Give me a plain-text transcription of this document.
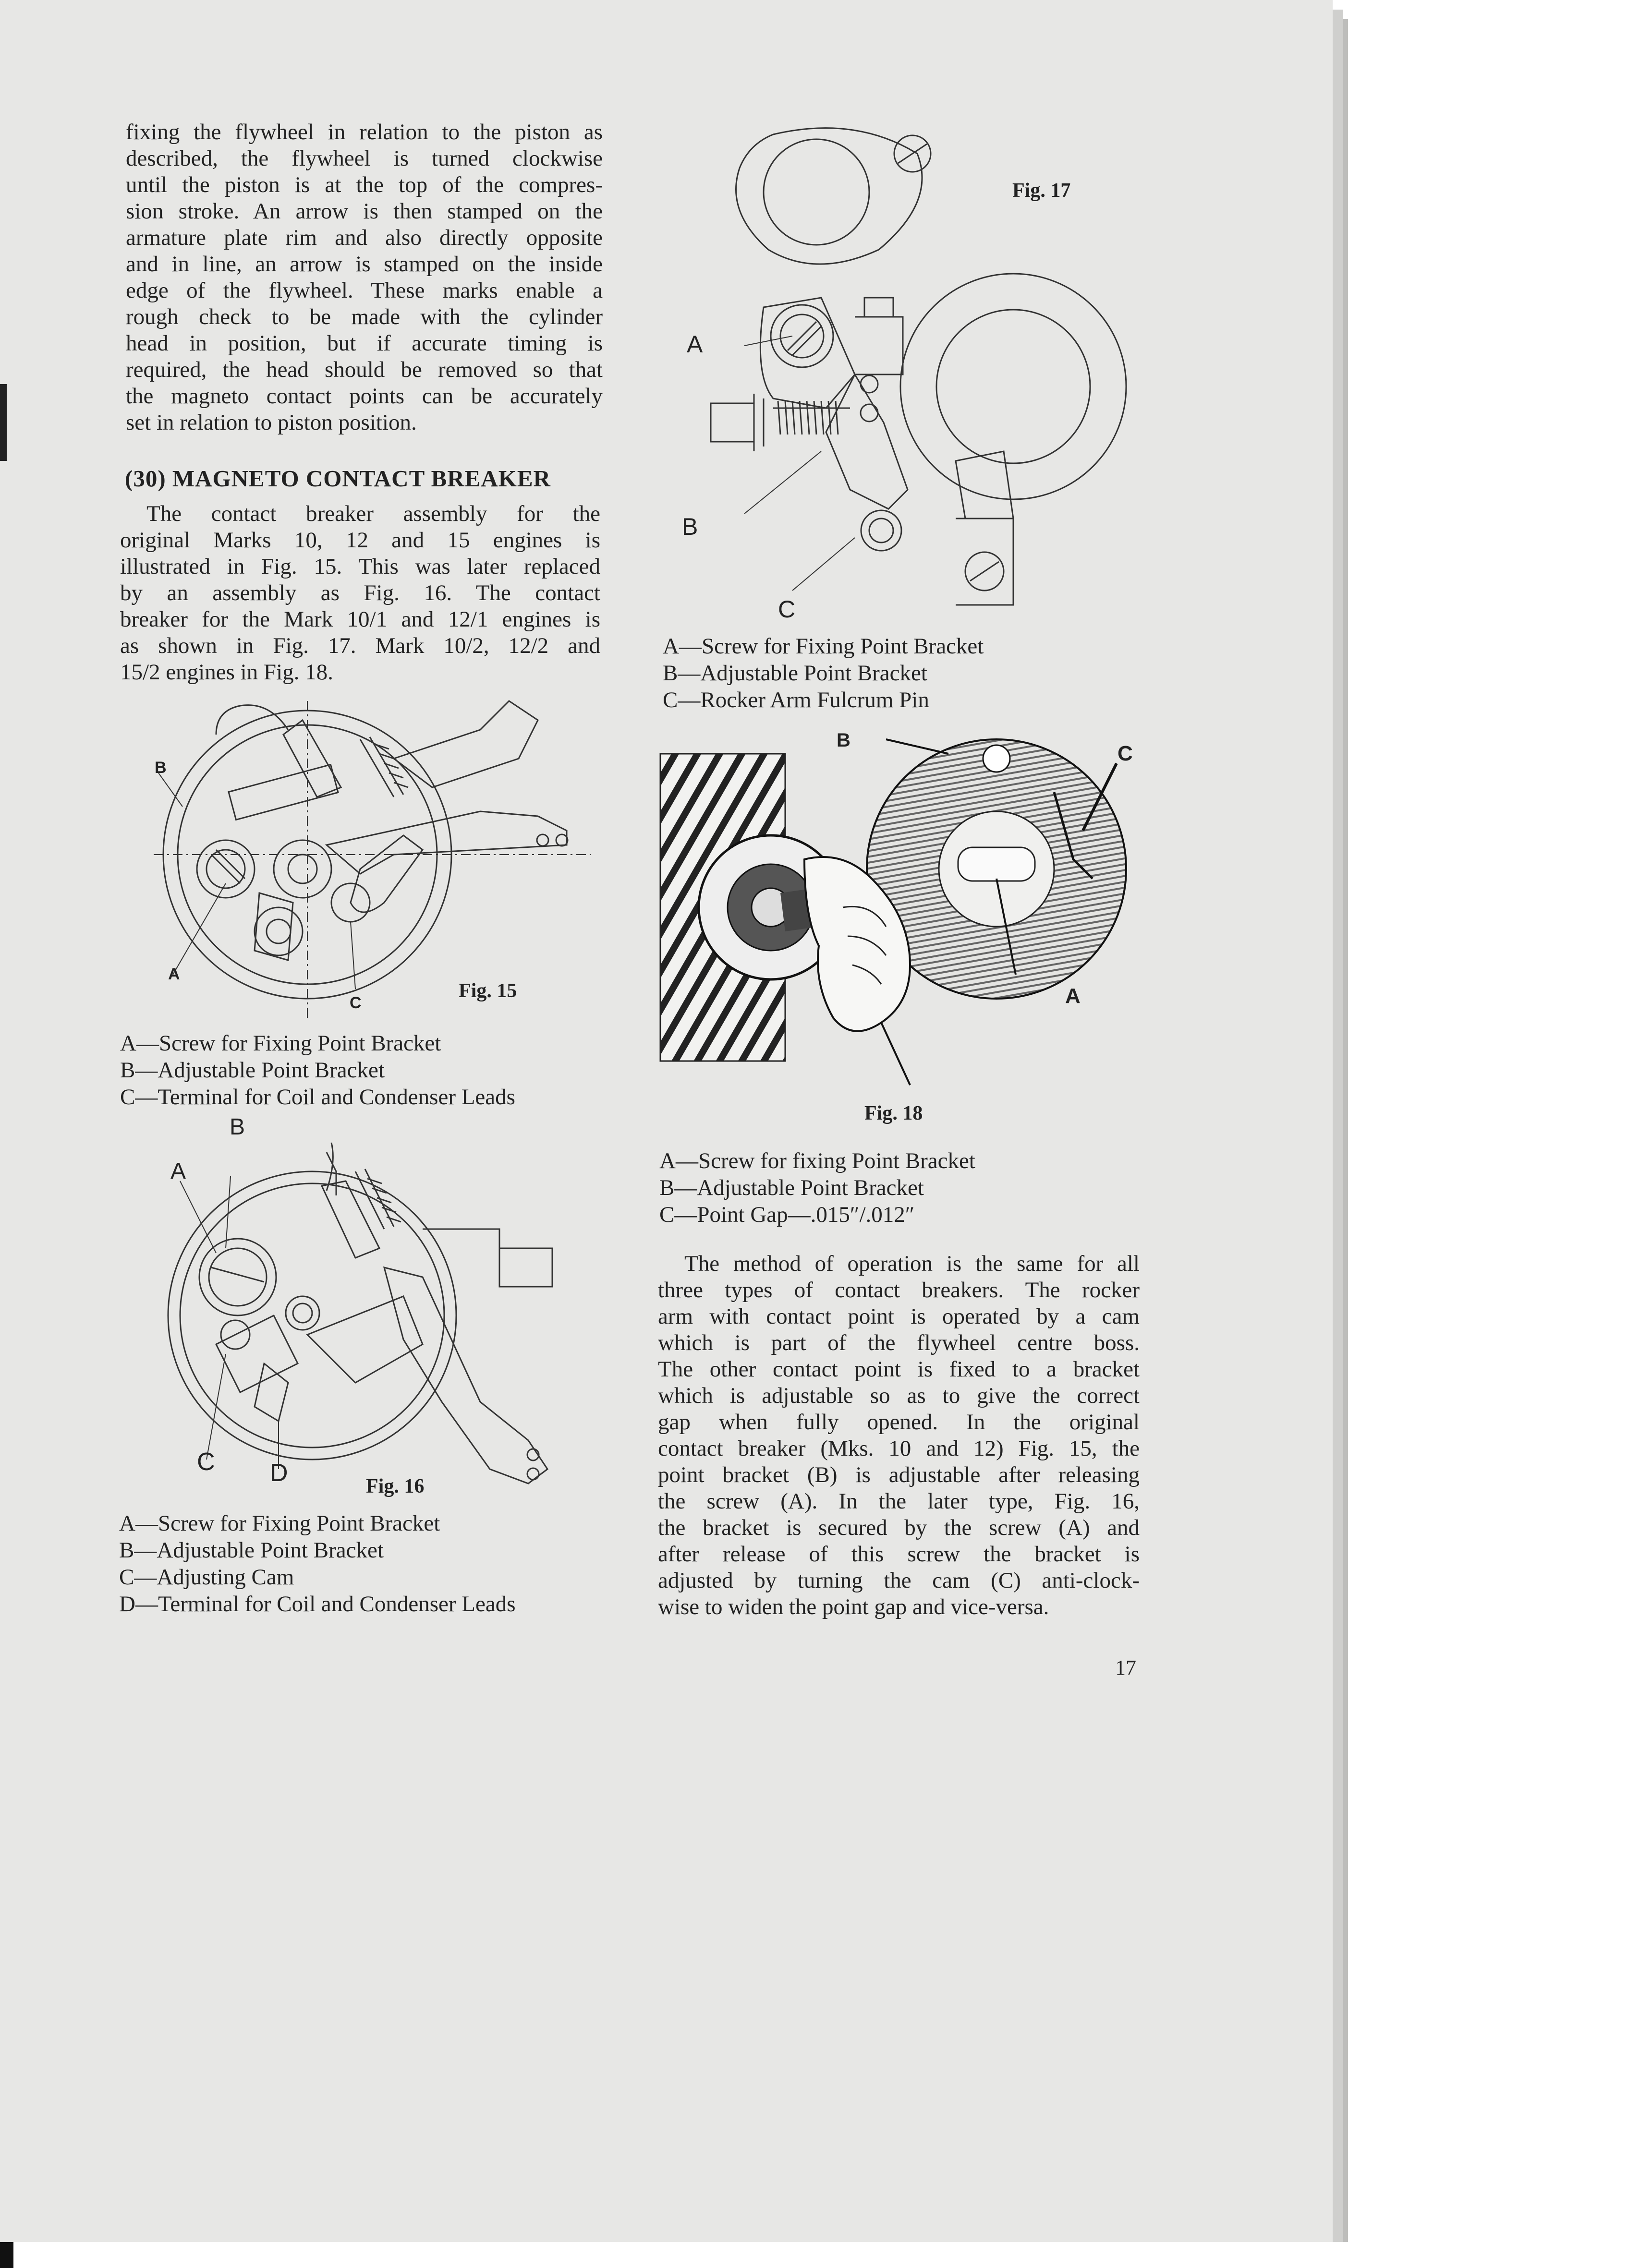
fixing the flywheel in relation to the piston as
described, the flywheel is turned clockwise
until the piston is at the top of the compres-
sion stroke. An arrow is then stamped on the
armature plate rim and also directly opposite
and in line, an arrow is stamped on the inside
edge of the flywheel. These marks enable a
rough check to be made with the cylinder
head in position, but if accurate timing is
required, the head should be removed so that
the magneto contact points can be accurately
set in relation to piston position.
(30) MAGNETO CONTACT BREAKER
The contact breaker assembly for the
original Marks 10, 12 and 15 engines is
illustrated in Fig. 15. This was later replaced
by an assembly as Fig. 16. The contact
breaker for the Mark 10/1 and 12/1 engines is
as shown in Fig. 17. Mark 10/2, 12/2 and
15/2 engines in Fig. 18.
B
A
C
Fig. 15
A—Screw for Fixing Point Bracket
B—Adjustable Point Bracket
C—Terminal for Coil and Condenser Leads
B
A
C D	Fig. 16
A—Screw for Fixing Point Bracket
B—Adjustable Point Bracket
C—Adjusting Cam
D—Terminal for Coil and Condenser Leads
Fig. 17
A
B
C
A—Screw for Fixing Point Bracket
B—Adjustable Point Bracket
C—Rocker Arm Fulcrum Pin
B
C
A
Fig. 18
A—Screw for fixing Point Bracket
B—Adjustable Point Bracket
C—Point Gap—.015″/.012″
The method of operation is the same for all
three types of contact breakers. The rocker
arm with contact point is operated by a cam
which is part of the flywheel centre boss.
The other contact point is fixed to a bracket
which is adjustable so as to give the correct
gap when fully opened. In the original
contact breaker (Mks. 10 and 12) Fig. 15, the
point bracket (B) is adjustable after releasing
the screw (A). In the later type, Fig. 16,
the bracket is secured by the screw (A) and
after release of this screw the bracket is
adjusted by turning the cam (C) anti-clock-
wise to widen the point gap and vice-versa.
17
